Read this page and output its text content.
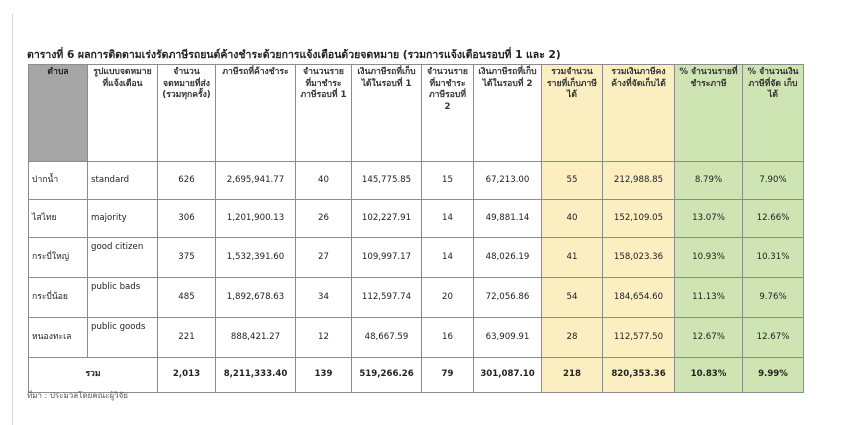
ตารางที่ 6 ผลการติดตามเร่งรัดภาษีรถยนต์ค้างชำระด้วยการแจ้งเตือนด้วยจดหมาย (รวมการแจ้งเตือนรอบที่ 1 และ 2)
ตำบล	รูปแบบจดหมายที่แจ้งเตือน	จำนวนจดหมายที่ส่ง (รวมทุกครั้ง)	ภาษีรถที่ค้างชำระ	จำนวนรายที่มาชำระภาษีรอบที่ 1	เงินภาษีรถที่เก็บได้ในรอบที่ 1	จำนวนรายที่มาชำระภาษีรอบที่ 2	เงินภาษีรถที่เก็บได้ในรอบที่ 2	รวมจำนวนรายที่เก็บภาษีได้	รวมเงินภาษีคงค้างที่จัดเก็บได้	% จำนวนรายที่ชำระภาษี	% จำนวนเงินภาษีที่จัด เก็บได้
ปากน้ำ	standard	626	2,695,941.77	40	145,775.85	15	67,213.00	55	212,988.85	8.79%	7.90%
ไสไทย	majority	306	1,201,900.13	26	102,227.91	14	49,881.14	40	152,109.05	13.07%	12.66%
กระบี่ใหญ่	good citizen	375	1,532,391.60	27	109,997.17	14	48,026.19	41	158,023.36	10.93%	10.31%
กระบี่น้อย	public bads	485	1,892,678.63	34	112,597.74	20	72,056.86	54	184,654.60	11.13%	9.76%
หนองทะเล	public goods	221	888,421.27	12	48,667.59	16	63,909.91	28	112,577.50	12.67%	12.67%
รวม		2,013	8,211,333.40	139	519,266.26	79	301,087.10	218	820,353.36	10.83%	9.99%
ที่มา : ประมวลโดยคณะผู้วิจัย
